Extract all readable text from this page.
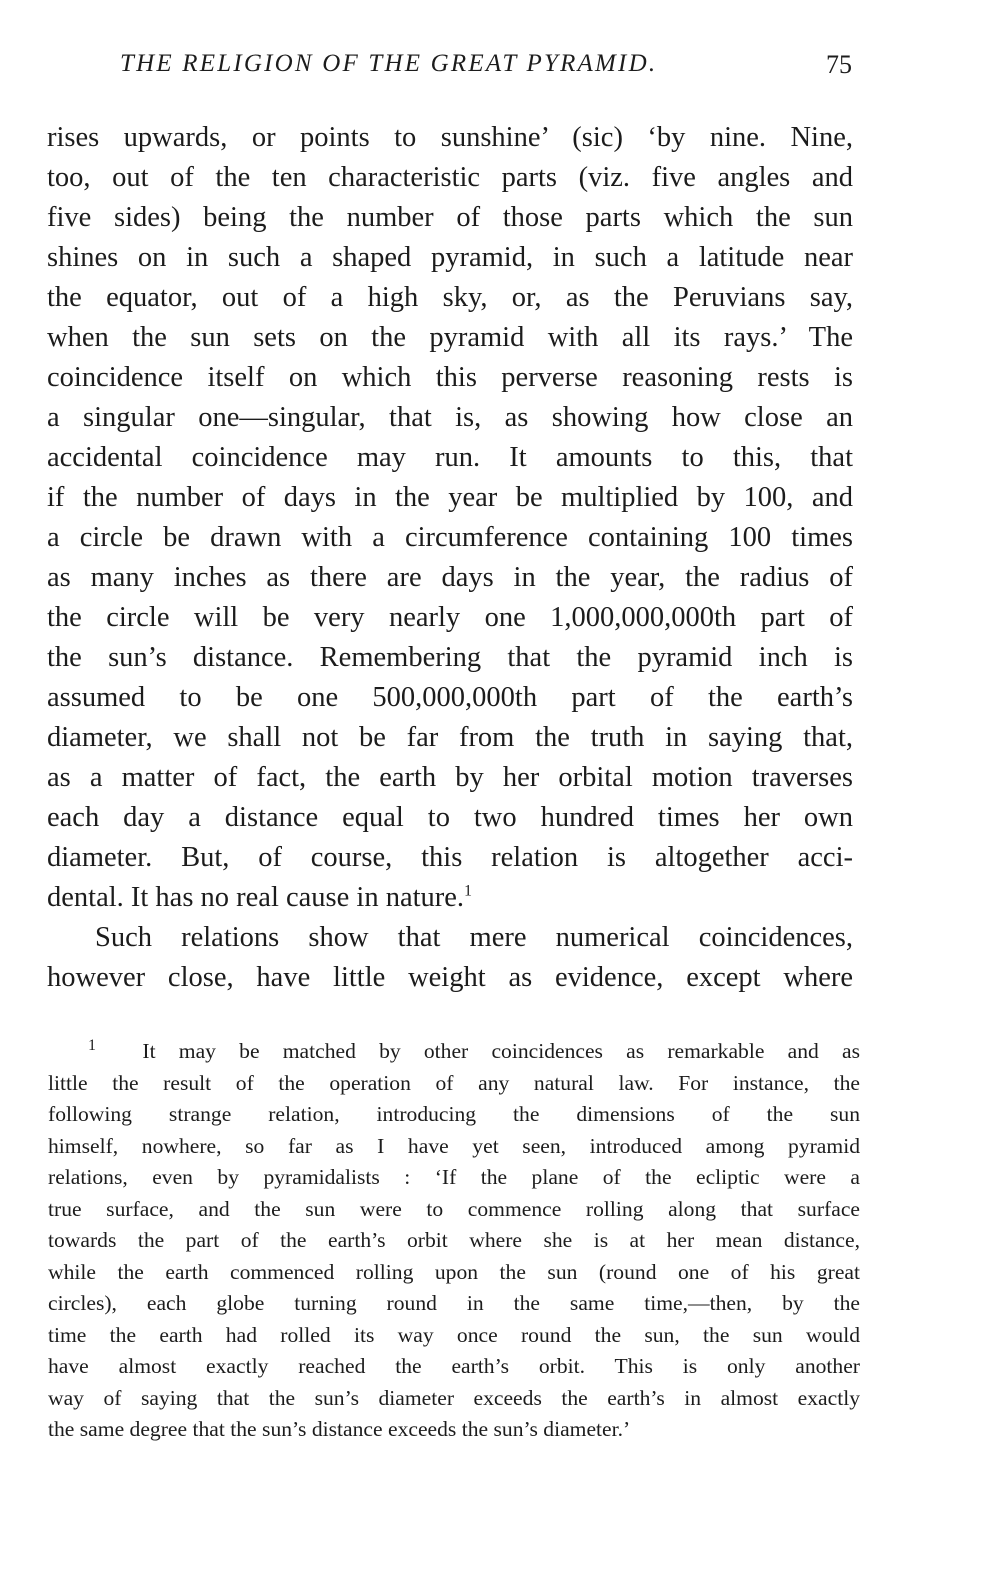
THE RELIGION OF THE GREAT PYRAMID.	75
rises upwards, or points to sunshine’ (sic) ‘by nine. Nine,
too, out of the ten characteristic parts (viz. five angles and
five sides) being the number of those parts which the sun
shines on in such a shaped pyramid, in such a latitude near
the equator, out of a high sky, or, as the Peruvians say,
when the sun sets on the pyramid with all its rays.’ The
coincidence itself on which this perverse reasoning rests is
a singular one—singular, that is, as showing how close an
accidental coincidence may run. It amounts to this, that
if the number of days in the year be multiplied by 100, and
a circle be drawn with a circumference containing 100 times
as many inches as there are days in the year, the radius of
the circle will be very nearly one 1,000,000,000th part of
the sun’s distance. Remembering that the pyramid inch is
assumed to be one 500,000,000th part of the earth’s
diameter, we shall not be far from the truth in saying that,
as a matter of fact, the earth by her orbital motion traverses
each day a distance equal to two hundred times her own
diameter. But, of course, this relation is altogether acci-
dental. It has no real cause in nature.$^1$
Such relations show that mere numerical coincidences,
however close, have little weight as evidence, except where
$^1$ It may be matched by other coincidences as remarkable and as
little the result of the operation of any natural law. For instance, the
following strange relation, introducing the dimensions of the sun
himself, nowhere, so far as I have yet seen, introduced among pyramid
relations, even by pyramidalists : ‘If the plane of the ecliptic were a
true surface, and the sun were to commence rolling along that surface
towards the part of the earth’s orbit where she is at her mean distance,
while the earth commenced rolling upon the sun (round one of his great
circles), each globe turning round in the same time,—then, by the
time the earth had rolled its way once round the sun, the sun would
have almost exactly reached the earth’s orbit. This is only another
way of saying that the sun’s diameter exceeds the earth’s in almost exactly
the same degree that the sun’s distance exceeds the sun’s diameter.’
